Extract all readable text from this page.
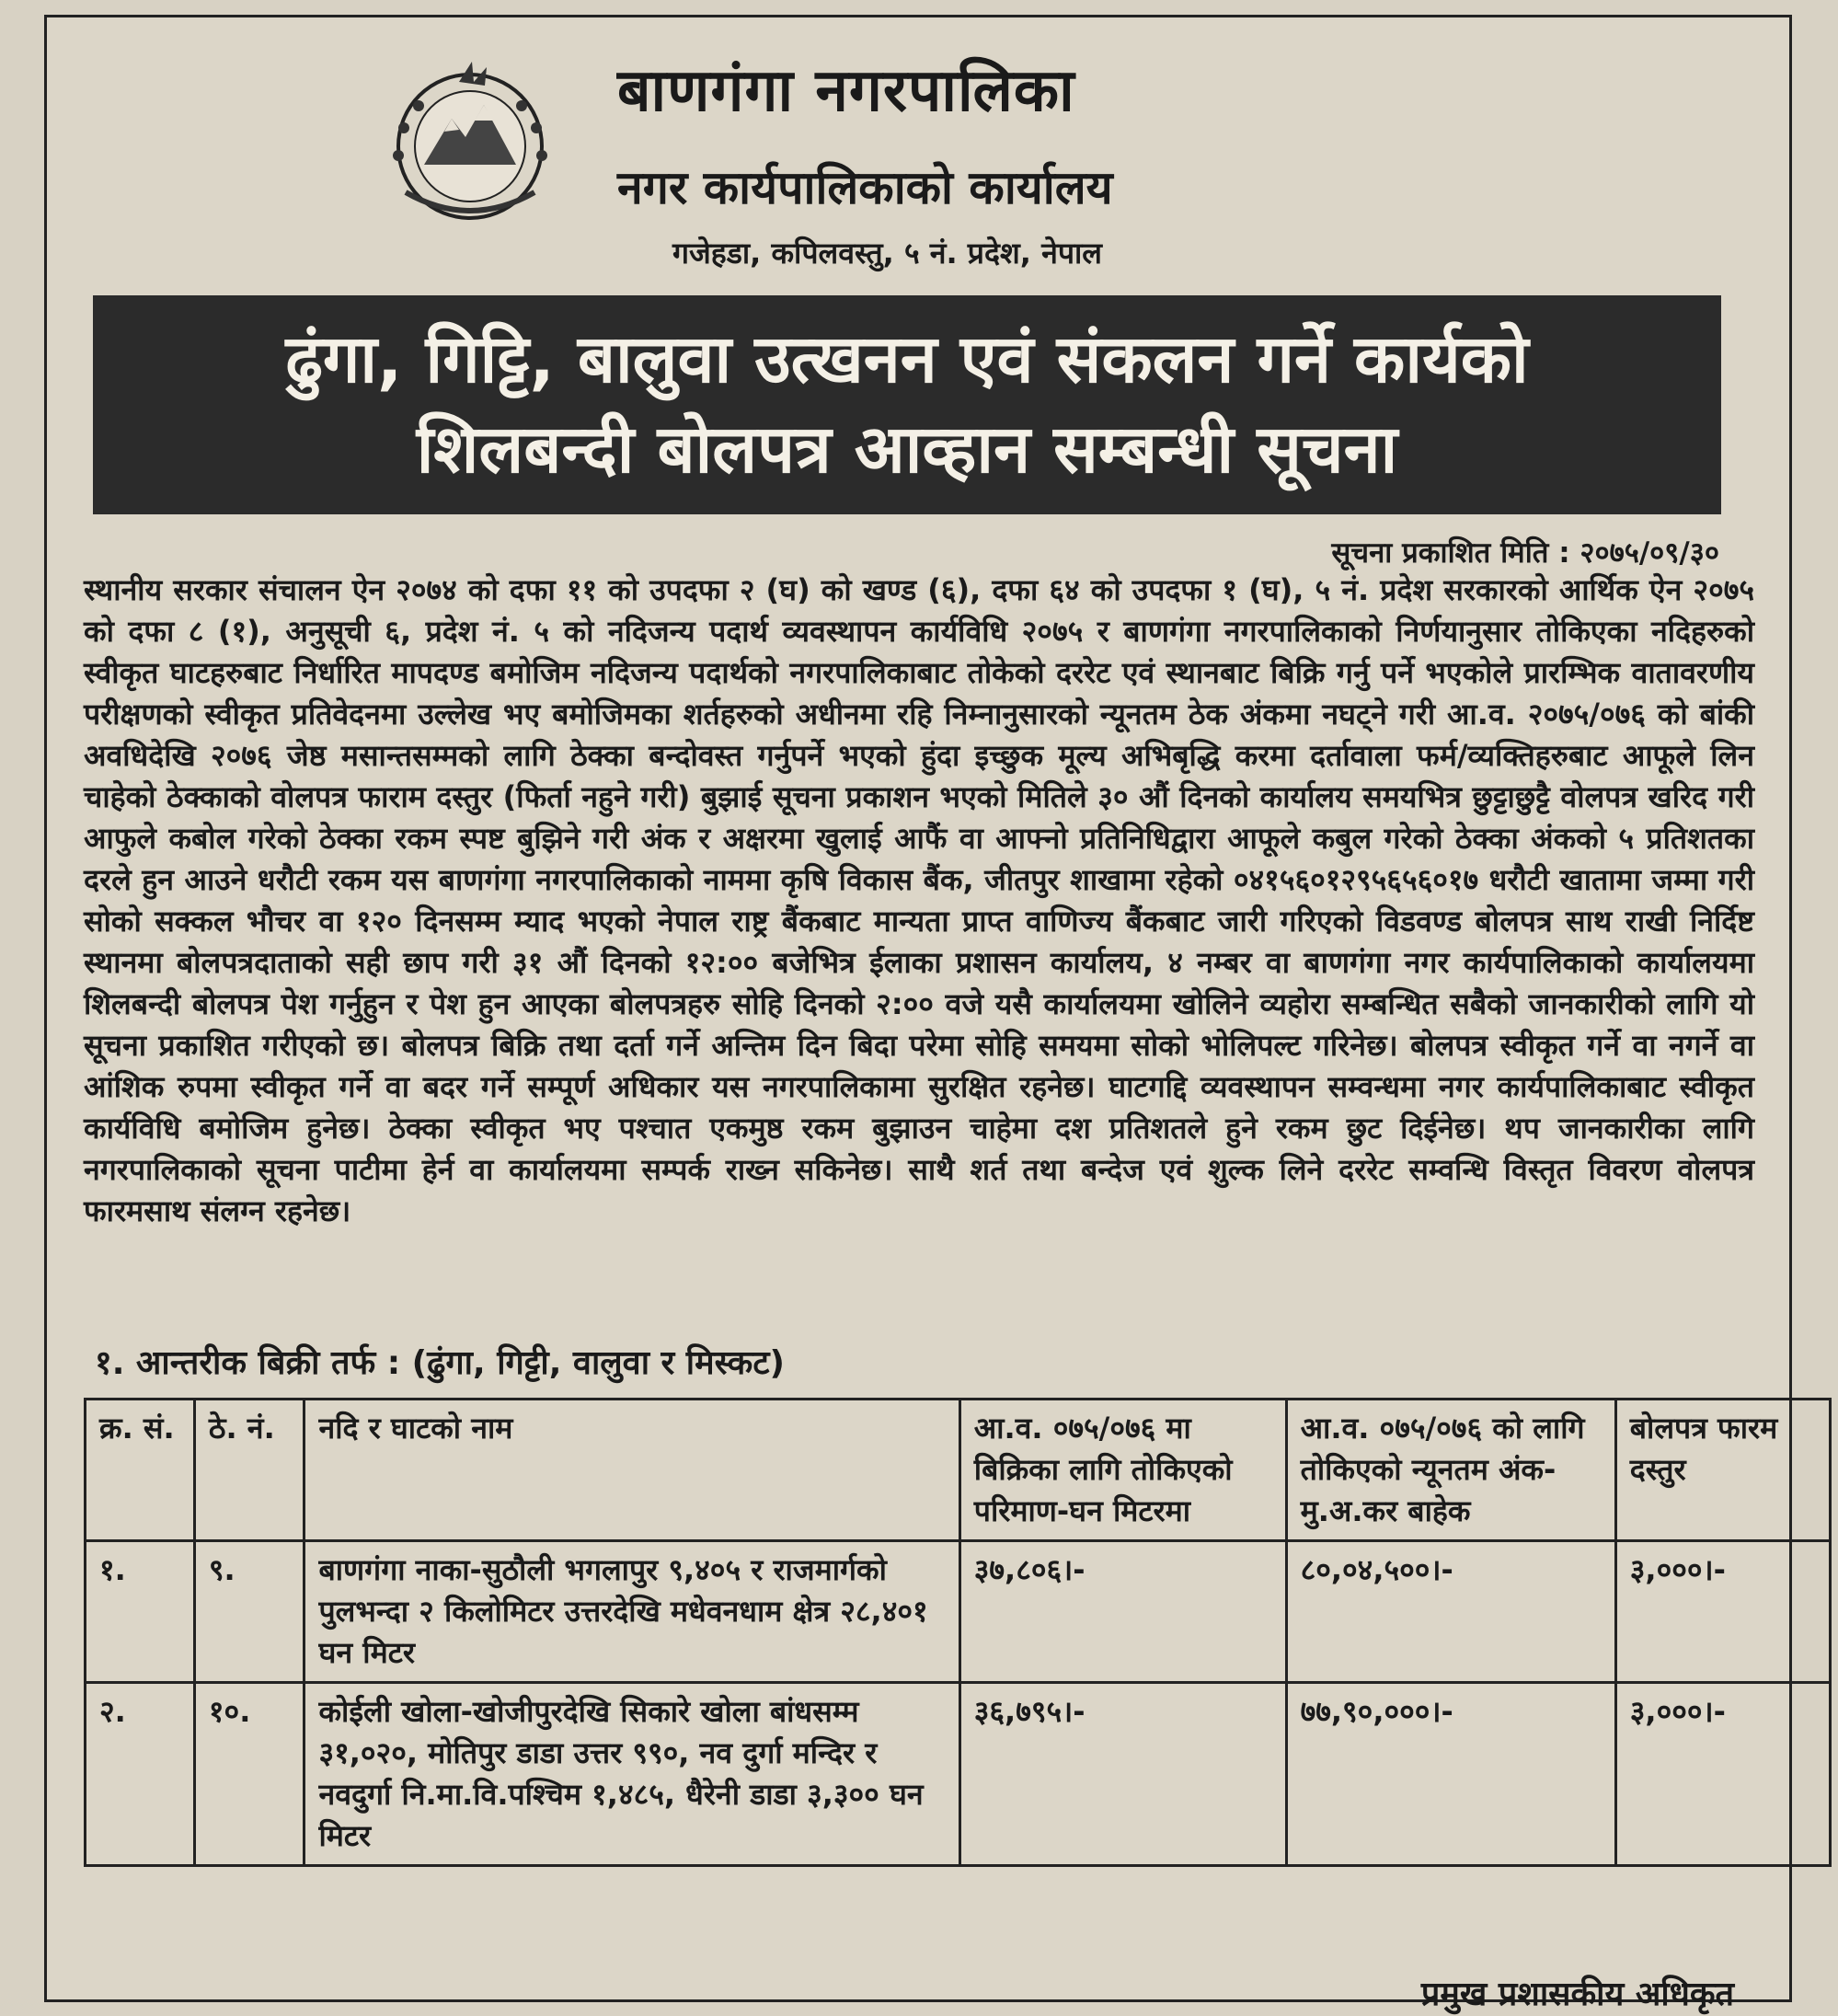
बाणगंगा नगरपालिका
नगर कार्यपालिकाको कार्यालय
गजेहडा, कपिलवस्तु, ५ नं. प्रदेश, नेपाल
ढुंगा, गिट्टि, बालुवा उत्खनन एवं संकलन गर्ने कार्यको
शिलबन्दी बोलपत्र आव्हान सम्बन्धी सूचना
सूचना प्रकाशित मिति : २०७५/०९/३०
स्थानीय सरकार संचालन ऐन २०७४ को दफा ११ को उपदफा २ (घ) को खण्ड (६), दफा ६४ को उपदफा १ (घ), ५ नं. प्रदेश सरकारको आर्थिक ऐन २०७५ को दफा ८ (१), अनुसूची ६, प्रदेश नं. ५ को नदिजन्य पदार्थ व्यवस्थापन कार्यविधि २०७५ र बाणगंगा नगरपालिकाको निर्णयानुसार तोकिएका नदिहरुको स्वीकृत घाटहरुबाट निर्धारित मापदण्ड बमोजिम नदिजन्य पदार्थको नगरपालिकाबाट तोकेको दररेट एवं स्थानबाट बिक्रि गर्नु पर्ने भएकोले प्रारम्भिक वातावरणीय परीक्षणको स्वीकृत प्रतिवेदनमा उल्लेख भए बमोजिमका शर्तहरुको अधीनमा रहि निम्नानुसारको न्यूनतम ठेक अंकमा नघट्ने गरी आ.व. २०७५/०७६ को बांकी अवधिदेखि २०७६ जेष्ठ मसान्तसम्मको लागि ठेक्का बन्दोवस्त गर्नुपर्ने भएको हुंदा इच्छुक मूल्य अभिबृद्धि करमा दर्तावाला फर्म/व्यक्तिहरुबाट आफूले लिन चाहेको ठेक्काको वोलपत्र फाराम दस्तुर (फिर्ता नहुने गरी) बुझाई सूचना प्रकाशन भएको मितिले ३० औं दिनको कार्यालय समयभित्र छुट्टाछुट्टै वोलपत्र खरिद गरी आफुले कबोल गरेको ठेक्का रकम स्पष्ट बुझिने गरी अंक र अक्षरमा खुलाई आफैं वा आफ्नो प्रतिनिधिद्वारा आफूले कबुल गरेको ठेक्का अंकको ५ प्रतिशतका दरले हुन आउने धरौटी रकम यस बाणगंगा नगरपालिकाको नाममा कृषि विकास बैंक, जीतपुर शाखामा रहेको ०४१५६०१२९५६५६०१७ धरौटी खातामा जम्मा गरी सोको सक्कल भौचर वा १२० दिनसम्म म्याद भएको नेपाल राष्ट्र बैंकबाट मान्यता प्राप्त वाणिज्य बैंकबाट जारी गरिएको विडवण्ड बोलपत्र साथ राखी निर्दिष्ट स्थानमा बोलपत्रदाताको सही छाप गरी ३१ औं दिनको १२:०० बजेभित्र ईलाका प्रशासन कार्यालय, ४ नम्बर वा बाणगंगा नगर कार्यपालिकाको कार्यालयमा शिलबन्दी बोलपत्र पेश गर्नुहुन र पेश हुन आएका बोलपत्रहरु सोहि दिनको २:०० वजे यसै कार्यालयमा खोलिने व्यहोरा सम्बन्धित सबैको जानकारीको लागि यो सूचना प्रकाशित गरीएको छ। बोलपत्र बिक्रि तथा दर्ता गर्ने अन्तिम दिन बिदा परेमा सोहि समयमा सोको भोलिपल्ट गरिनेछ। बोलपत्र स्वीकृत गर्ने वा नगर्ने वा आंशिक रुपमा स्वीकृत गर्ने वा बदर गर्ने सम्पूर्ण अधिकार यस नगरपालिकामा सुरक्षित रहनेछ। घाटगद्दि व्यवस्थापन सम्वन्धमा नगर कार्यपालिकाबाट स्वीकृत कार्यविधि बमोजिम हुनेछ। ठेक्का स्वीकृत भए पश्चात एकमुष्ठ रकम बुझाउन चाहेमा दश प्रतिशतले हुने रकम छुट दिईनेछ। थप जानकारीका लागि नगरपालिकाको सूचना पाटीमा हेर्न वा कार्यालयमा सम्पर्क राख्न सकिनेछ। साथै शर्त तथा बन्देज एवं शुल्क लिने दररेट सम्वन्धि विस्तृत विवरण वोलपत्र फारमसाथ संलग्न रहनेछ।
१. आन्तरीक बिक्री तर्फ : (ढुंगा, गिट्टी, वालुवा र मिस्कट)
क्र. सं.	ठे. नं.	नदि र घाटको नाम	आ.व. ०७५/०७६ मा बिक्रिका लागि तोकिएको परिमाण-घन मिटरमा	आ.व. ०७५/०७६ को लागि तोकिएको न्यूनतम अंक-मु.अ.कर बाहेक	बोलपत्र फारम दस्तुर
१.	९.	बाणगंगा नाका-सुठौली भगलापुर ९,४०५ र राजमार्गको पुलभन्दा २ किलोमिटर उत्तरदेखि मधेवनधाम क्षेत्र २८,४०१ घन मिटर	३७,८०६।-	८०,०४,५००।-	३,०००।-
२.	१०.	कोईली खोला-खोजीपुरदेखि सिकारे खोला बांधसम्म ३१,०२०, मोतिपुर डाडा उत्तर ९९०, नव दुर्गा मन्दिर र नवदुर्गा नि.मा.वि.पश्चिम १,४८५, धैरेनी डाडा ३,३०० घन मिटर	३६,७९५।-	७७,९०,०००।-	३,०००।-
प्रमुख प्रशासकीय अधिकृत
